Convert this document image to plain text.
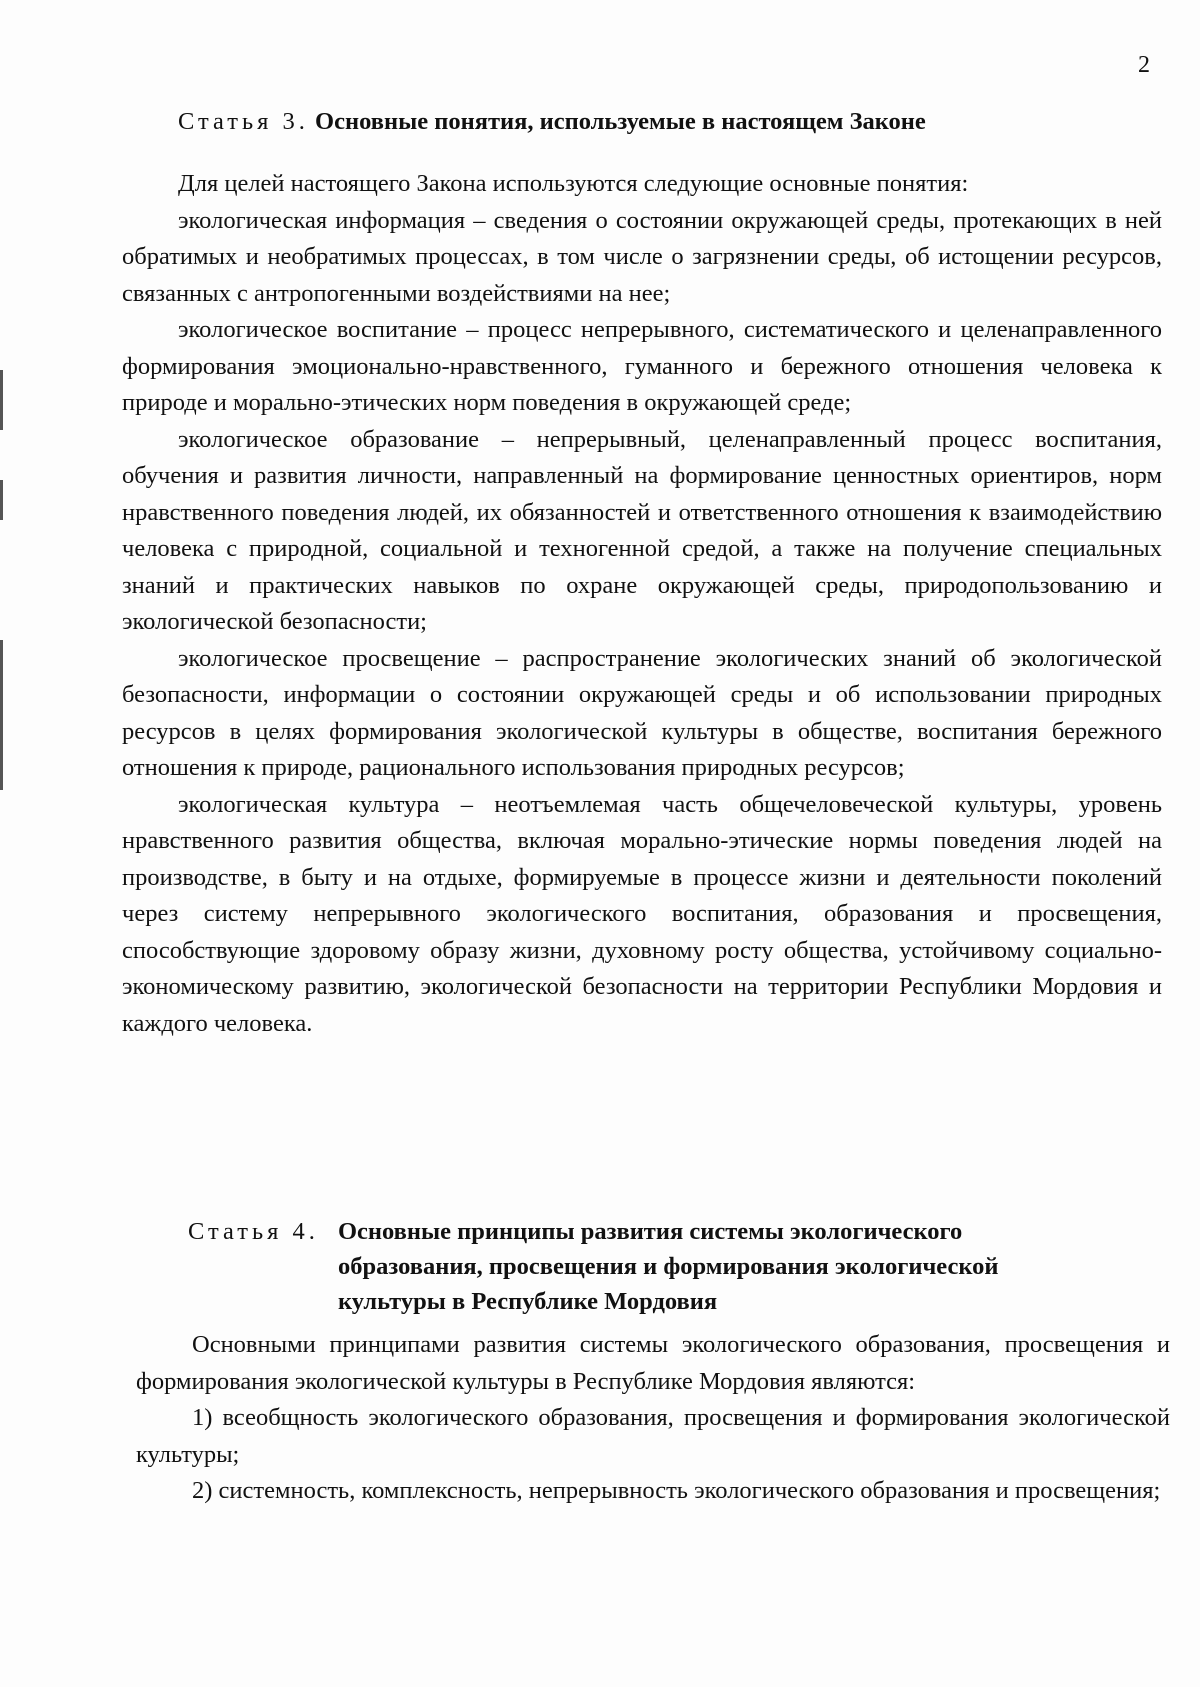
2
Статья 3. Основные понятия, используемые в настоящем Законе

Для целей настоящего Закона используются следующие основные понятия:

экологическая информация – сведения о состоянии окружающей среды, протекающих в ней обратимых и необратимых процессах, в том числе о загрязнении среды, об истощении ресурсов, связанных с антропогенными воздействиями на нее;

экологическое воспитание – процесс непрерывного, систематического и целенаправленного формирования эмоционально-нравственного, гуманного и бережного отношения человека к природе и морально-этических норм поведения в окружающей среде;

экологическое образование – непрерывный, целенаправленный процесс воспитания, обучения и развития личности, направленный на формирование ценностных ориентиров, норм нравственного поведения людей, их обязанностей и ответственного отношения к взаимодействию человека с природной, социальной и техногенной средой, а также на получение специальных знаний и практических навыков по охране окружающей среды, природопользованию и экологической безопасности;

экологическое просвещение – распространение экологических знаний об экологической безопасности, информации о состоянии окружающей среды и об использовании природных ресурсов в целях формирования экологической культуры в обществе, воспитания бережного отношения к природе, рационального использования природных ресурсов;

экологическая культура – неотъемлемая часть общечеловеческой культуры, уровень нравственного развития общества, включая морально-этические нормы поведения людей на производстве, в быту и на отдыхе, формируемые в процессе жизни и деятельности поколений через систему непрерывного экологического воспитания, образования и просвещения, способствующие здоровому образу жизни, духовному росту общества, устойчивому социально-экономическому развитию, экологической безопасности на территории Республики Мордовия и каждого человека.

Статья 4. Основные принципы развития системы экологического
образования, просвещения и формирования экологической
культуры в Республике Мордовия

Основными принципами развития системы экологического образования, просвещения и формирования экологической культуры в Республике Мордовия являются:

1) всеобщность экологического образования, просвещения и формирования экологической культуры;

2) системность, комплексность, непрерывность экологического образования и просвещения;
